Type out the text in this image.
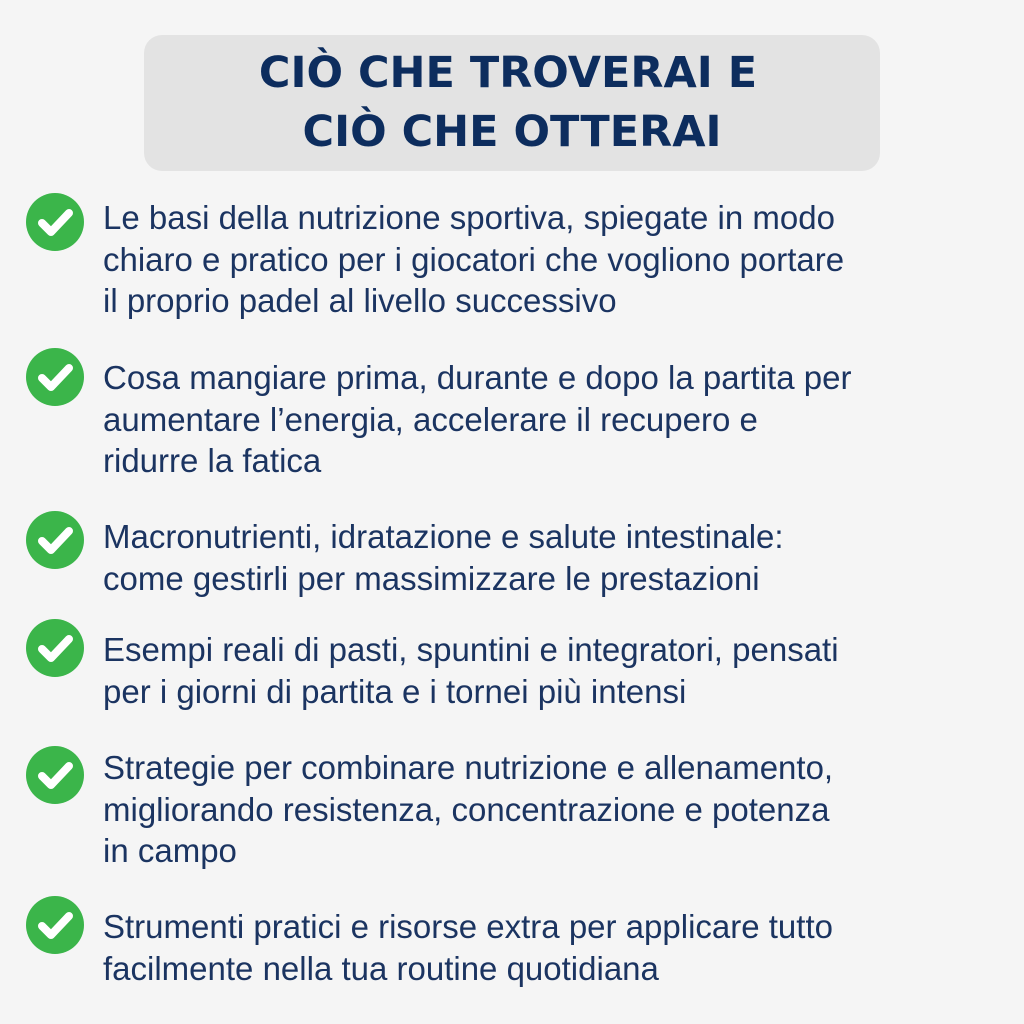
CIÒ CHE TROVERAI E
CIÒ CHE OTTERAI
Le basi della nutrizione sportiva, spiegate in modo
chiaro e pratico per i giocatori che vogliono portare
il proprio padel al livello successivo
Cosa mangiare prima, durante e dopo la partita per
aumentare l’energia, accelerare il recupero e
ridurre la fatica
Macronutrienti, idratazione e salute intestinale:
come gestirli per massimizzare le prestazioni
Esempi reali di pasti, spuntini e integratori, pensati
per i giorni di partita e i tornei più intensi
Strategie per combinare nutrizione e allenamento,
migliorando resistenza, concentrazione e potenza
in campo
Strumenti pratici e risorse extra per applicare tutto
facilmente nella tua routine quotidiana
